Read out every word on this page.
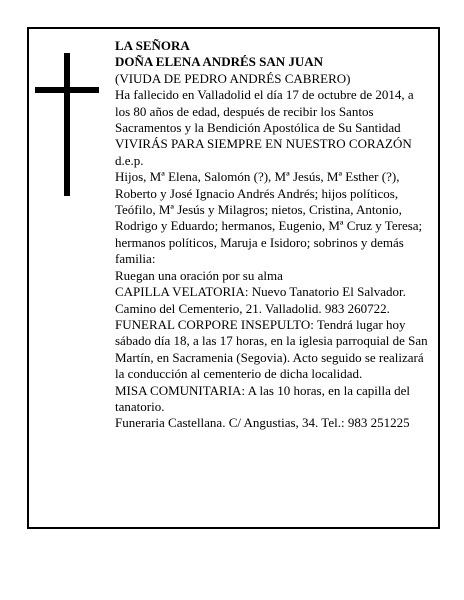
LA SEÑORA

DOÑA ELENA ANDRÉS SAN JUAN

(VIUDA DE PEDRO ANDRÉS CABRERO)

Ha fallecido en Valladolid el día 17 de octubre de 2014, a los 80 años de edad, después de recibir los Santos Sacramentos y la Bendición Apostólica de Su Santidad

VIVIRÁS PARA SIEMPRE EN NUESTRO CORAZÓN

d.e.p.

Hijos, Mª Elena, Salomón (?), Mª Jesús, Mª Esther (?), Roberto y José Ignacio Andrés Andrés; hijos políticos, Teófilo, Mª Jesús y Milagros; nietos, Cristina, Antonio, Rodrigo y Eduardo; hermanos, Eugenio, Mª Cruz y Teresa; hermanos políticos, Maruja e Isidoro; sobrinos y demás familia:

Ruegan una oración por su alma

CAPILLA VELATORIA: Nuevo Tanatorio El Salvador. Camino del Cementerio, 21. Valladolid. 983 260722.

FUNERAL CORPORE INSEPULTO: Tendrá lugar hoy sábado día 18, a las 17 horas, en la iglesia parroquial de San Martín, en Sacramenia (Segovia). Acto seguido se realizará la conducción al cementerio de dicha localidad.

MISA COMUNITARIA: A las 10 horas, en la capilla del tanatorio.

Funeraria Castellana. C/ Angustias, 34. Tel.: 983 251225
